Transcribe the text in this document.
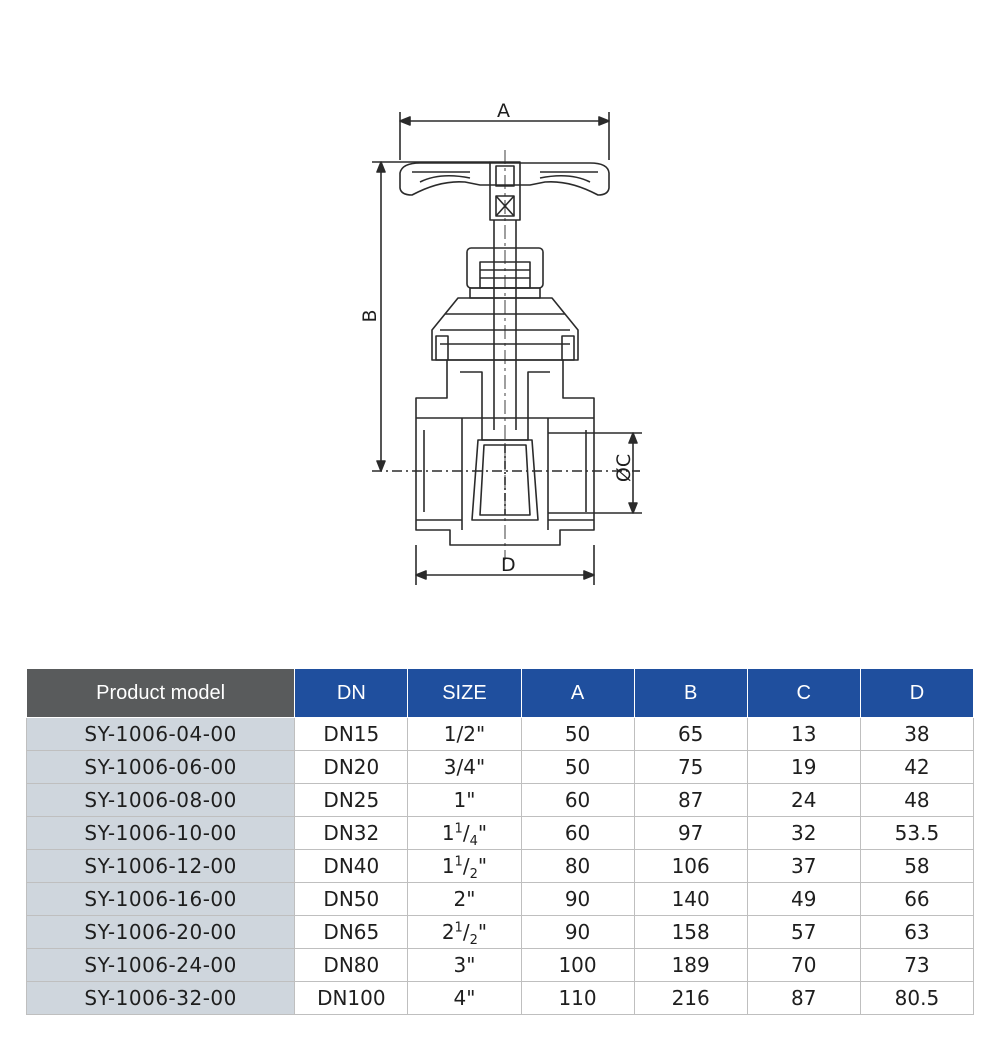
A
B
ØC
D
Product model	DN	SIZE	A	B	C	D
SY-1006-04-00	DN15	1/2"	50	65	13	38
SY-1006-06-00	DN20	3/4"	50	75	19	42
SY-1006-08-00	DN25	1"	60	87	24	48
SY-1006-10-00	DN32	$1^1/_4$"	60	97	32	53.5
SY-1006-12-00	DN40	$1^1/_2$"	80	106	37	58
SY-1006-16-00	DN50	2"	90	140	49	66
SY-1006-20-00	DN65	$2^1/_2$"	90	158	57	63
SY-1006-24-00	DN80	3"	100	189	70	73
SY-1006-32-00	DN100	4"	110	216	87	80.5
